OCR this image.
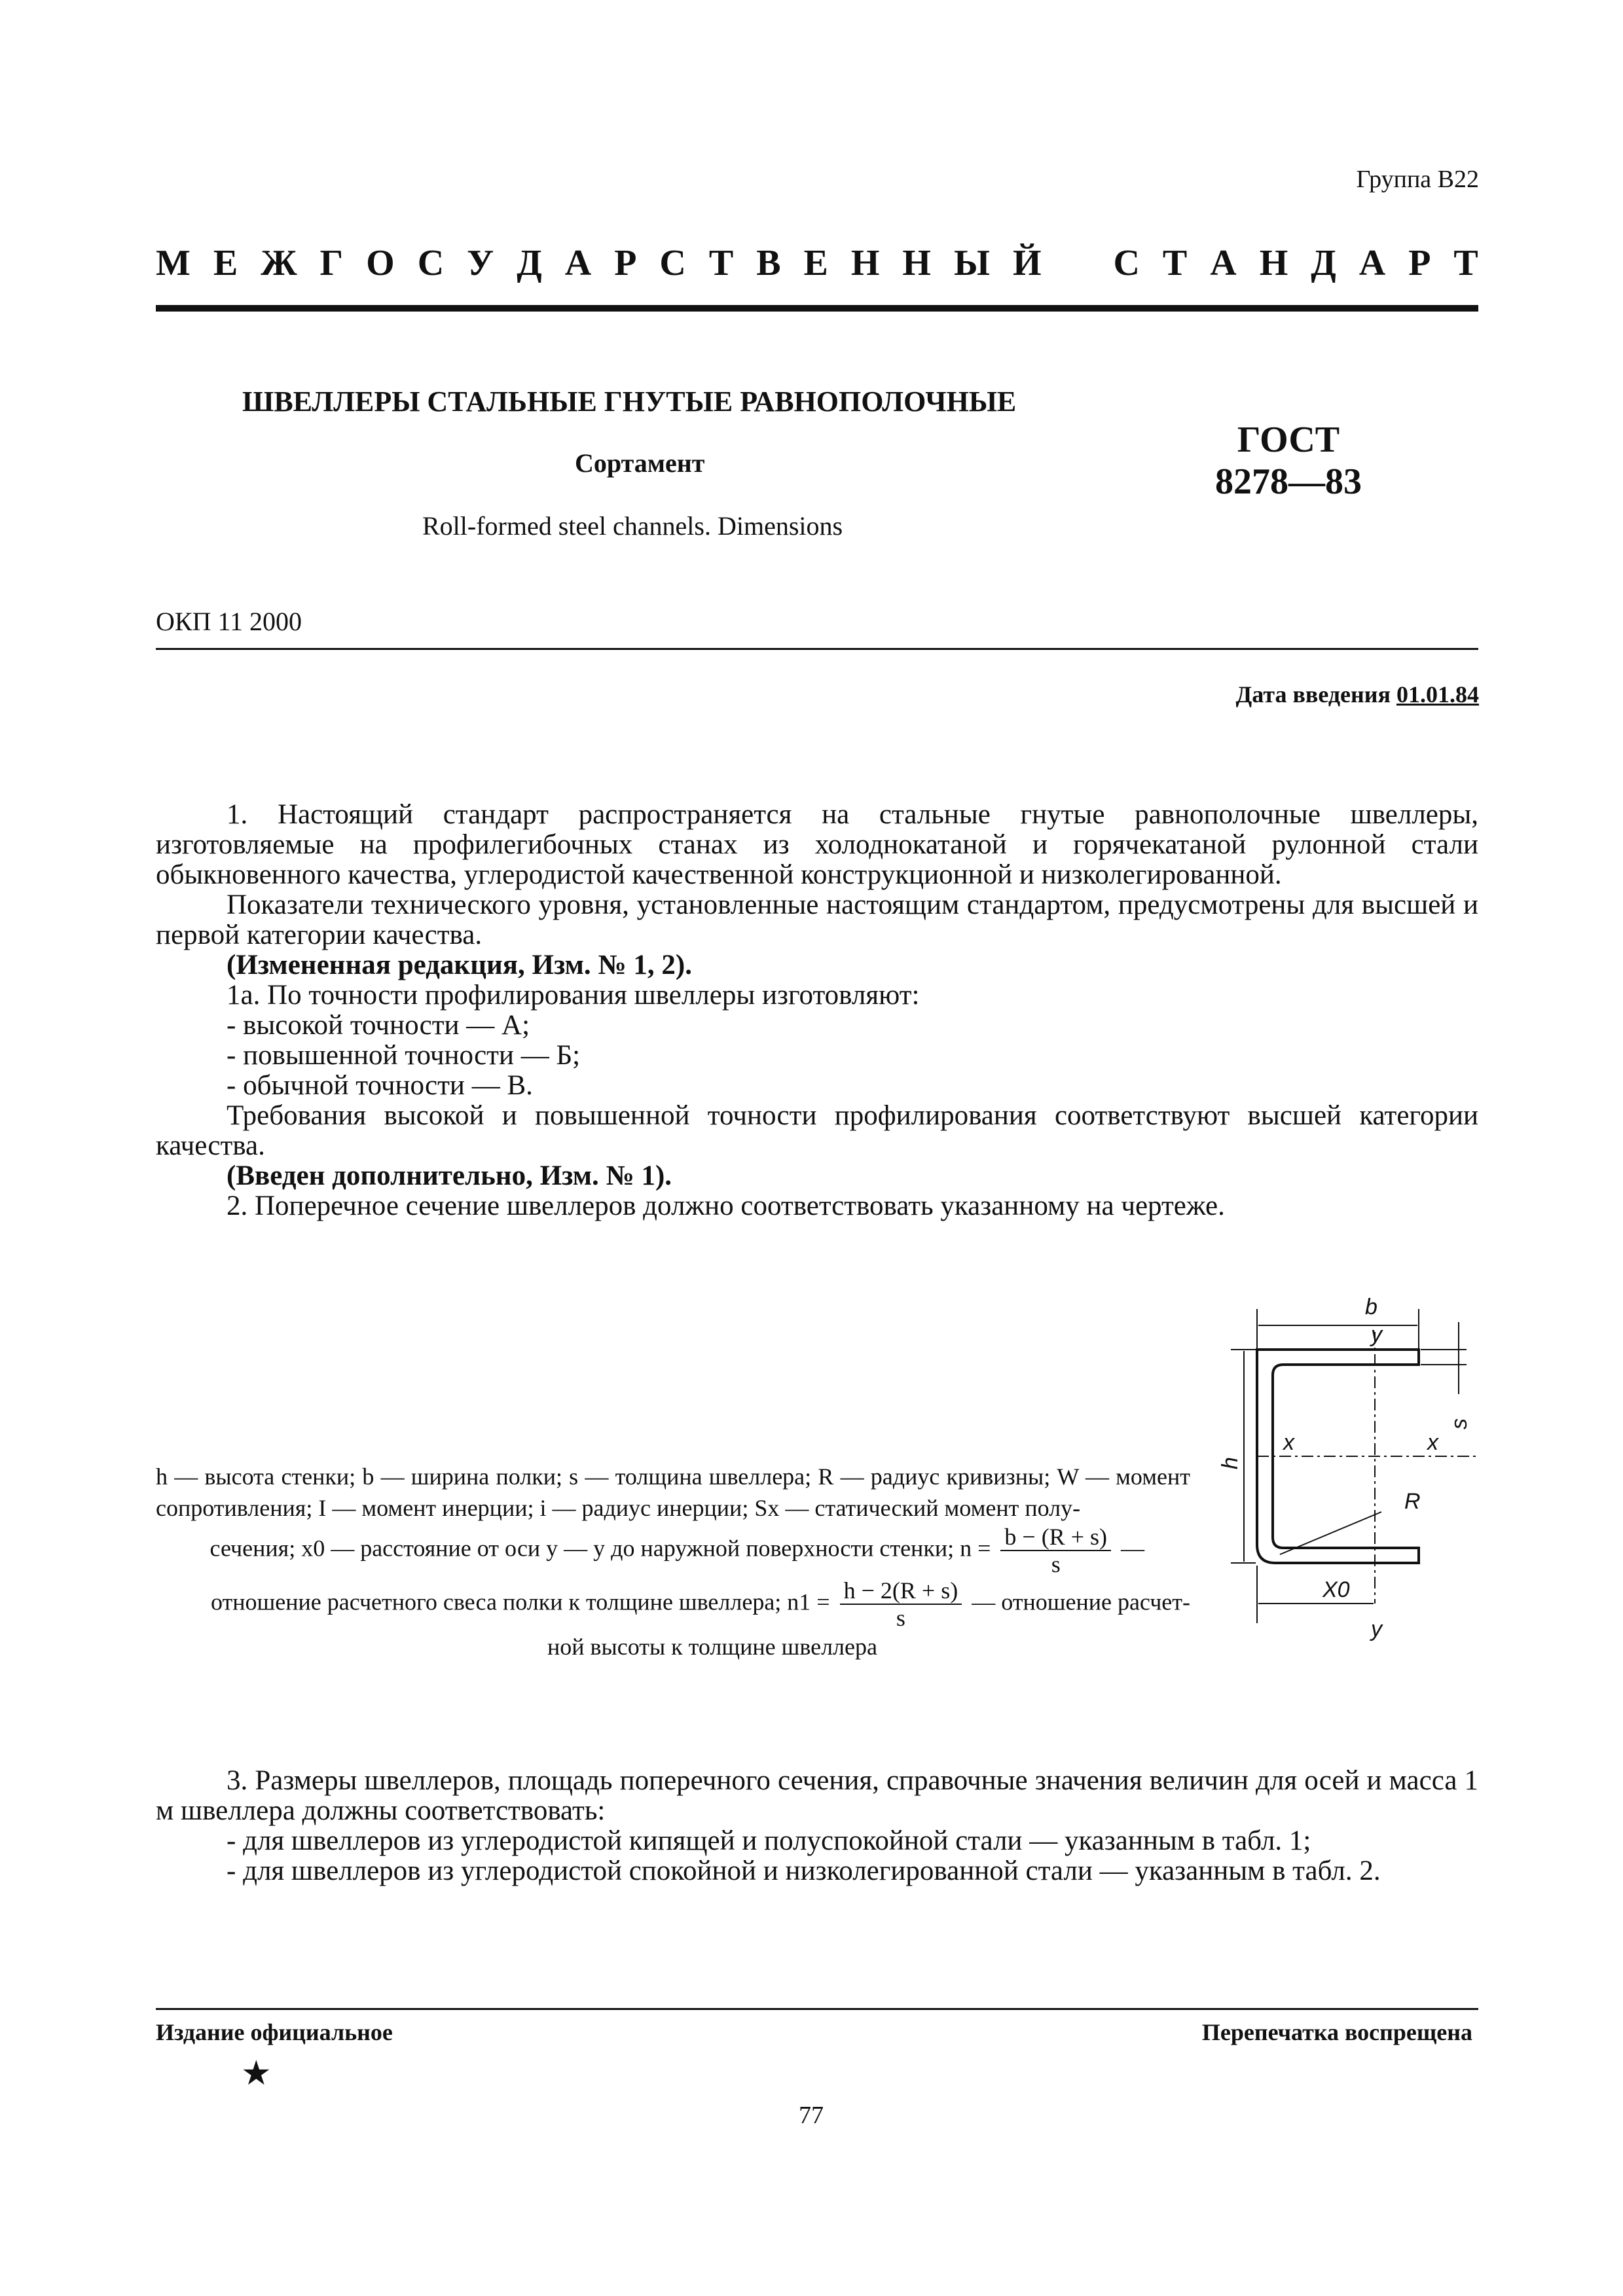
Группа В22
М Е Ж Г О С У Д А Р С Т В Е Н Н Ы Й С Т А Н Д А Р Т
ШВЕЛЛЕРЫ СТАЛЬНЫЕ ГНУТЫЕ РАВНОПОЛОЧНЫЕ
Сортамент
Roll-formed steel channels. Dimensions
ГОСТ
8278—83
ОКП 11 2000
Дата введения 01.01.84

1. Настоящий стандарт распространяется на стальные гнутые равнополочные швеллеры, изготовляемые на профилегибочных станах из холоднокатаной и горячекатаной рулонной стали обыкновенного качества, углеродистой качественной конструкционной и низколегированной.

Показатели технического уровня, установленные настоящим стандартом, предусмотрены для высшей и первой категории качества.

(Измененная редакция, Изм. № 1, 2).

1а. По точности профилирования швеллеры изготовляют:

- высокой точности — А;

- повышенной точности — Б;

- обычной точности — В.

Требования высокой и повышенной точности профилирования соответствуют высшей категории качества.

(Введен дополнительно, Изм. № 1).

2. Поперечное сечение швеллеров должно соответствовать указанному на чертеже.

b
y
y
s
h
x	x
R
X0
h — высота стенки; b — ширина полки; s — толщина швеллера; R — радиус кривизны; W — момент сопротивления; I — момент инерции; i — радиус инерции; Sx — статический момент полу-
сечения; x0 — расстояние от оси y — y до наружной поверхности стенки; $n = \frac{b - (R + s)}{s}$ —
отношение расчетного свеса полки к толщине швеллера; $n1 = \frac{h - 2(R + s)}{s}$ — отношение расчет-
ной высоты к толщине швеллера

3. Размеры швеллеров, площадь поперечного сечения, справочные значения величин для осей и масса 1 м швеллера должны соответствовать:

- для швеллеров из углеродистой кипящей и полуспокойной стали — указанным в табл. 1;

- для швеллеров из углеродистой спокойной и низколегированной стали — указанным в табл. 2.

Издание официальное	Перепечатка воспрещена
★
77
